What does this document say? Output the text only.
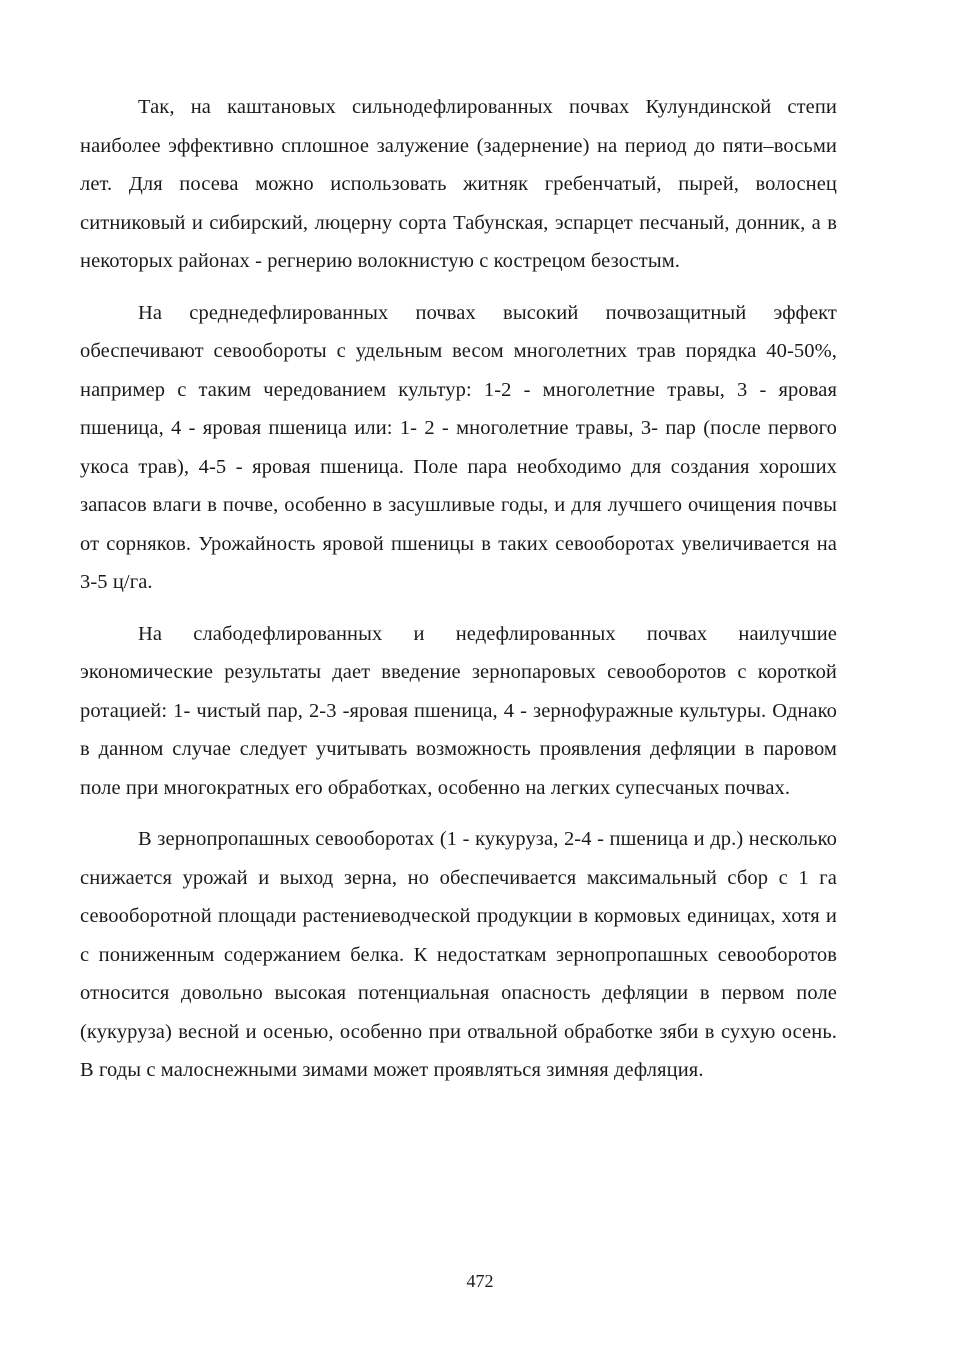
Так, на каштановых сильнодефлированных почвах Кулундинской степи наиболее эффективно сплошное залужение (задернение) на период до пяти–восьми лет. Для посева можно использовать житняк гребенчатый, пырей, волоснец ситниковый и сибирский, люцерну сорта Табунская, эспарцет песчаный, донник, а в некоторых районах - регнерию волокнистую с кострецом безостым.

На среднедефлированных почвах высокий почвозащитный эффект обеспечивают севообороты с удельным весом многолетних трав порядка 40-50%, например с таким чередованием культур: 1-2 - многолетние травы, 3 - яровая пшеница, 4 - яровая пшеница или: 1- 2 - многолетние травы, 3- пар (после первого укоса трав), 4-5 - яровая пшеница. Поле пара необходимо для создания хороших запасов влаги в почве, особенно в засушливые годы, и для лучшего очищения почвы от сорняков. Урожайность яровой пшеницы в таких севооборотах увеличивается на 3-5 ц/га.

На слабодефлированных и недефлированных почвах наилучшие экономические результаты дает введение зернопаровых севооборотов с короткой ротацией: 1- чистый пар, 2-3 -яровая пшеница, 4 - зернофуражные культуры. Однако в данном случае следует учитывать возможность проявления дефляции в паровом поле при многократных его обработках, особенно на легких супесчаных почвах.

В зернопропашных севооборотах (1 - кукуруза, 2-4 - пшеница и др.) несколько снижается урожай и выход зерна, но обеспечивается максимальный сбор с 1 га севооборотной площади растениеводческой продукции в кормовых единицах, хотя и с пониженным содержанием белка. К недостаткам зернопропашных севооборотов относится довольно высокая потенциальная опасность дефляции в первом поле (кукуруза) весной и осенью, особенно при отвальной обработке зяби в сухую осень. В годы с малоснежными зимами может проявляться зимняя дефляция.

472
